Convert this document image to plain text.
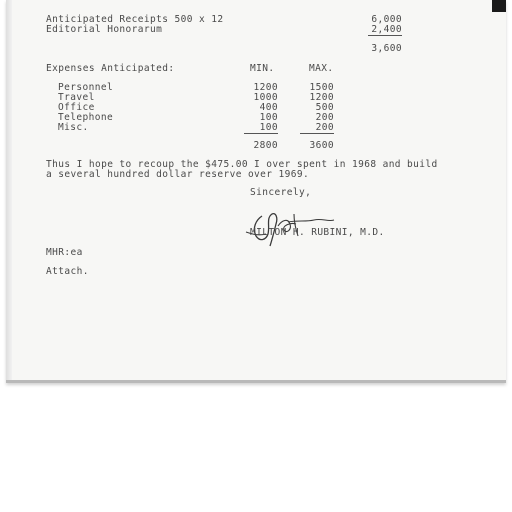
Anticipated Receipts 500 x 12	6,000
Editorial Honorarum	2,400
3,600
Expenses Anticipated:	MIN.	MAX.
Personnel	1200	1500
Travel	1000	1200
Office	400	500
Telephone	100	200
Misc.	100	200
2800	3600
Thus I hope to recoup the $475.00 I over spent in 1968 and build
a several hundred dollar reserve over 1969.
Sincerely,
MILTON H. RUBINI, M.D.
MHR:ea
Attach.
